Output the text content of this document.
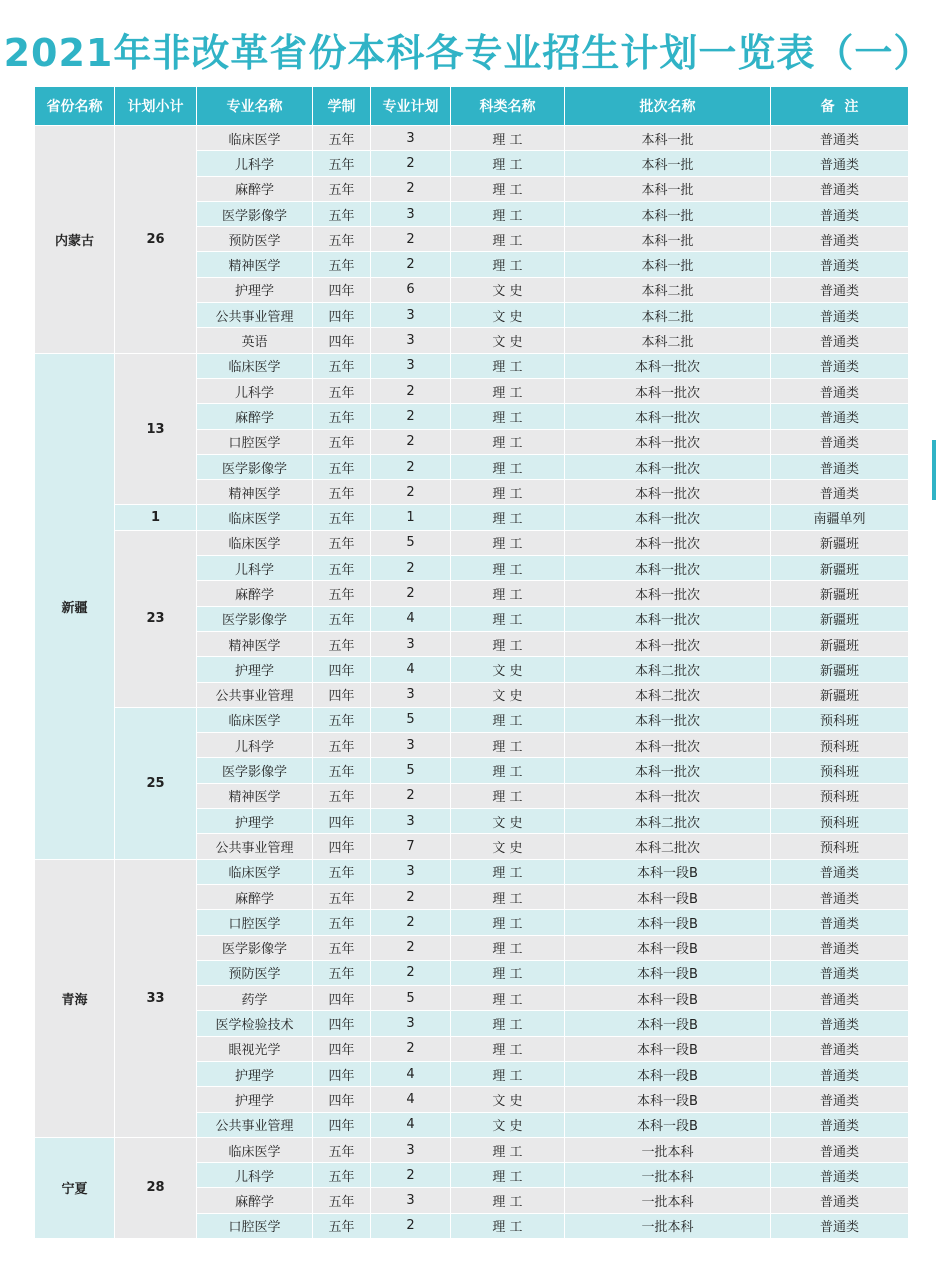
2021年非改革省份本科各专业招生计划一览表（一）
省份名称	计划小计	专业名称	学制	专业计划	科类名称	批次名称	备  注
内蒙古	26	临床医学	五年	3	理 工	本科一批	普通类
		儿科学	五年	2	理 工	本科一批	普通类
		麻醉学	五年	2	理 工	本科一批	普通类
		医学影像学	五年	3	理 工	本科一批	普通类
		预防医学	五年	2	理 工	本科一批	普通类
		精神医学	五年	2	理 工	本科一批	普通类
		护理学	四年	6	文 史	本科二批	普通类
		公共事业管理	四年	3	文 史	本科二批	普通类
		英语	四年	3	文 史	本科二批	普通类
新疆	13	临床医学	五年	3	理 工	本科一批次	普通类
		儿科学	五年	2	理 工	本科一批次	普通类
		麻醉学	五年	2	理 工	本科一批次	普通类
		口腔医学	五年	2	理 工	本科一批次	普通类
		医学影像学	五年	2	理 工	本科一批次	普通类
		精神医学	五年	2	理 工	本科一批次	普通类
	1	临床医学	五年	1	理 工	本科一批次	南疆单列
	23	临床医学	五年	5	理 工	本科一批次	新疆班
		儿科学	五年	2	理 工	本科一批次	新疆班
		麻醉学	五年	2	理 工	本科一批次	新疆班
		医学影像学	五年	4	理 工	本科一批次	新疆班
		精神医学	五年	3	理 工	本科一批次	新疆班
		护理学	四年	4	文 史	本科二批次	新疆班
		公共事业管理	四年	3	文 史	本科二批次	新疆班
	25	临床医学	五年	5	理 工	本科一批次	预科班
		儿科学	五年	3	理 工	本科一批次	预科班
		医学影像学	五年	5	理 工	本科一批次	预科班
		精神医学	五年	2	理 工	本科一批次	预科班
		护理学	四年	3	文 史	本科二批次	预科班
		公共事业管理	四年	7	文 史	本科二批次	预科班
青海	33	临床医学	五年	3	理 工	本科一段B	普通类
		麻醉学	五年	2	理 工	本科一段B	普通类
		口腔医学	五年	2	理 工	本科一段B	普通类
		医学影像学	五年	2	理 工	本科一段B	普通类
		预防医学	五年	2	理 工	本科一段B	普通类
		药学	四年	5	理 工	本科一段B	普通类
		医学检验技术	四年	3	理 工	本科一段B	普通类
		眼视光学	四年	2	理 工	本科一段B	普通类
		护理学	四年	4	理 工	本科一段B	普通类
		护理学	四年	4	文 史	本科一段B	普通类
		公共事业管理	四年	4	文 史	本科一段B	普通类
宁夏	28	临床医学	五年	3	理 工	一批本科	普通类
		儿科学	五年	2	理 工	一批本科	普通类
		麻醉学	五年	3	理 工	一批本科	普通类
		口腔医学	五年	2	理 工	一批本科	普通类
